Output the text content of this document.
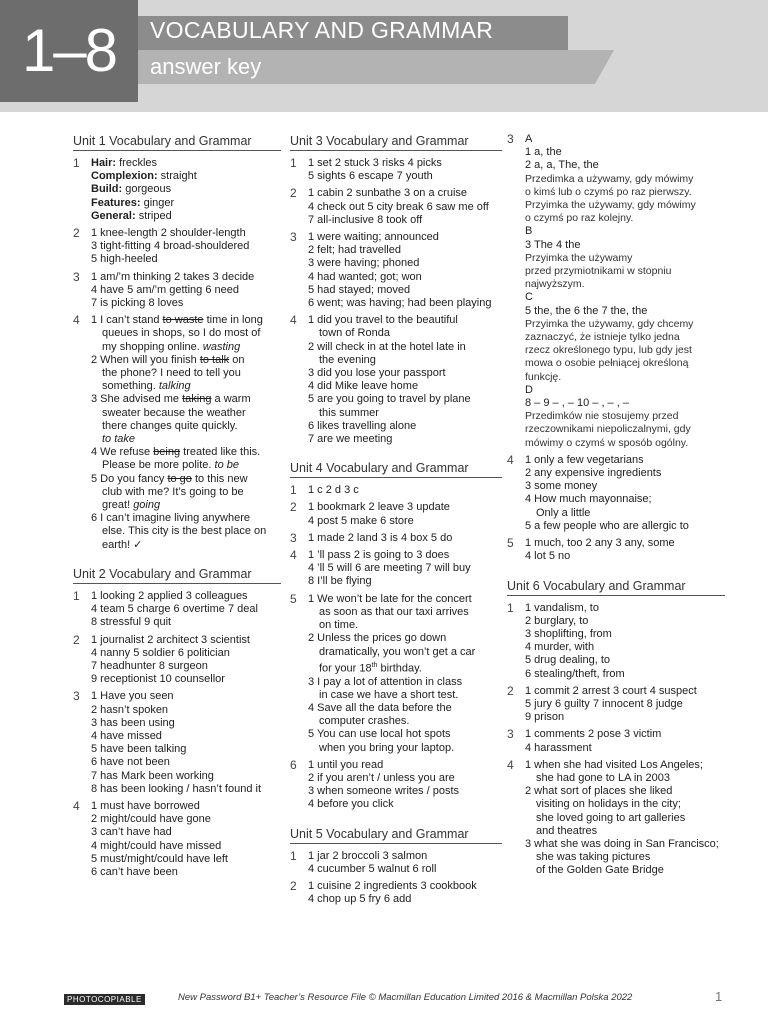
1–8	VOCABULARY AND GRAMMAR
answer key
Unit 1 Vocabulary and Grammar
1 Hair: freckles
Complexion: straight
Build: gorgeous
Features: ginger
General: striped
2 1 knee-length 2 shoulder-length
3 tight-fitting 4 broad-shouldered
5 high-heeled
3 1 am/’m thinking 2 takes 3 decide
4 have 5 am/’m getting 6 need
7 is picking 8 loves
4 1 I can’t stand to waste time in long
queues in shops, so I do most of
my shopping online. wasting
2 When will you finish to talk on
the phone? I need to tell you
something. talking
3 She advised me taking a warm
sweater because the weather
there changes quite quickly.
to take
4 We refuse being treated like this.
Please be more polite. to be
5 Do you fancy to go to this new
club with me? It’s going to be
great! going
6 I can’t imagine living anywhere
else. This city is the best place on
earth! ✓
Unit 2 Vocabulary and Grammar
1 1 looking 2 applied 3 colleagues
4 team 5 charge 6 overtime 7 deal
8 stressful 9 quit
2 1 journalist 2 architect 3 scientist
4 nanny 5 soldier 6 politician
7 headhunter 8 surgeon
9 receptionist 10 counsellor
3 1 Have you seen
2 hasn’t spoken
3 has been using
4 have missed
5 have been talking
6 have not been
7 has Mark been working
8 has been looking / hasn’t found it
4 1 must have borrowed
2 might/could have gone
3 can’t have had
4 might/could have missed
5 must/might/could have left
6 can’t have been
Unit 3 Vocabulary and Grammar
1 1 set 2 stuck 3 risks 4 picks
5 sights 6 escape 7 youth
2 1 cabin 2 sunbathe 3 on a cruise
4 check out 5 city break 6 saw me off
7 all-inclusive 8 took off
3 1 were waiting; announced
2 felt; had travelled
3 were having; phoned
4 had wanted; got; won
5 had stayed; moved
6 went; was having; had been playing
4 1 did you travel to the beautiful
town of Ronda
2 will check in at the hotel late in
the evening
3 did you lose your passport
4 did Mike leave home
5 are you going to travel by plane
this summer
6 likes travelling alone
7 are we meeting
Unit 4 Vocabulary and Grammar
1 1 c 2 d 3 c
2 1 bookmark 2 leave 3 update
4 post 5 make 6 store
3 1 made 2 land 3 is 4 box 5 do
4 1 ’ll pass 2 is going to 3 does
4 ’ll 5 will 6 are meeting 7 will buy
8 I’ll be flying
5 1 We won’t be late for the concert
as soon as that our taxi arrives
on time.
2 Unless the prices go down
dramatically, you won’t get a car
for your 18th birthday.
3 I pay a lot of attention in class
in case we have a short test.
4 Save all the data before the
computer crashes.
5 You can use local hot spots
when you bring your laptop.
6 1 until you read
2 if you aren’t / unless you are
3 when someone writes / posts
4 before you click
Unit 5 Vocabulary and Grammar
1 1 jar 2 broccoli 3 salmon
4 cucumber 5 walnut 6 roll
2 1 cuisine 2 ingredients 3 cookbook
4 chop up 5 fry 6 add
3 A
1 a, the
2 a, a, The, the
Przedimka a używamy, gdy mówimy
o kimś lub o czymś po raz pierwszy.
Przyimka the używamy, gdy mówimy
o czymś po raz kolejny.
B
3 The 4 the
Przyimka the używamy
przed przymiotnikami w stopniu
najwyższym.
C
5 the, the 6 the 7 the, the
Przyimka the używamy, gdy chcemy
zaznaczyć, że istnieje tylko jedna
rzecz określonego typu, lub gdy jest
mowa o osobie pełniącej określoną
funkcję.
D
8 – 9 – , – 10 – , – , –
Przedimków nie stosujemy przed
rzeczownikami niepoliczalnymi, gdy
mówimy o czymś w sposób ogólny.
4 1 only a few vegetarians
2 any expensive ingredients
3 some money
4 How much mayonnaise;
Only a little
5 a few people who are allergic to
5 1 much, too 2 any 3 any, some
4 lot 5 no
Unit 6 Vocabulary and Grammar
1 1 vandalism, to
2 burglary, to
3 shoplifting, from
4 murder, with
5 drug dealing, to
6 stealing/theft, from
2 1 commit 2 arrest 3 court 4 suspect
5 jury 6 guilty 7 innocent 8 judge
9 prison
3 1 comments 2 pose 3 victim
4 harassment
4 1 when she had visited Los Angeles;
she had gone to LA in 2003
2 what sort of places she liked
visiting on holidays in the city;
she loved going to art galleries
and theatres
3 what she was doing in San Francisco;
she was taking pictures
of the Golden Gate Bridge
PHOTOCOPIABLE	New Password B1+ Teacher’s Resource File © Macmillan Education Limited 2016 & Macmillan Polska 2022	1
